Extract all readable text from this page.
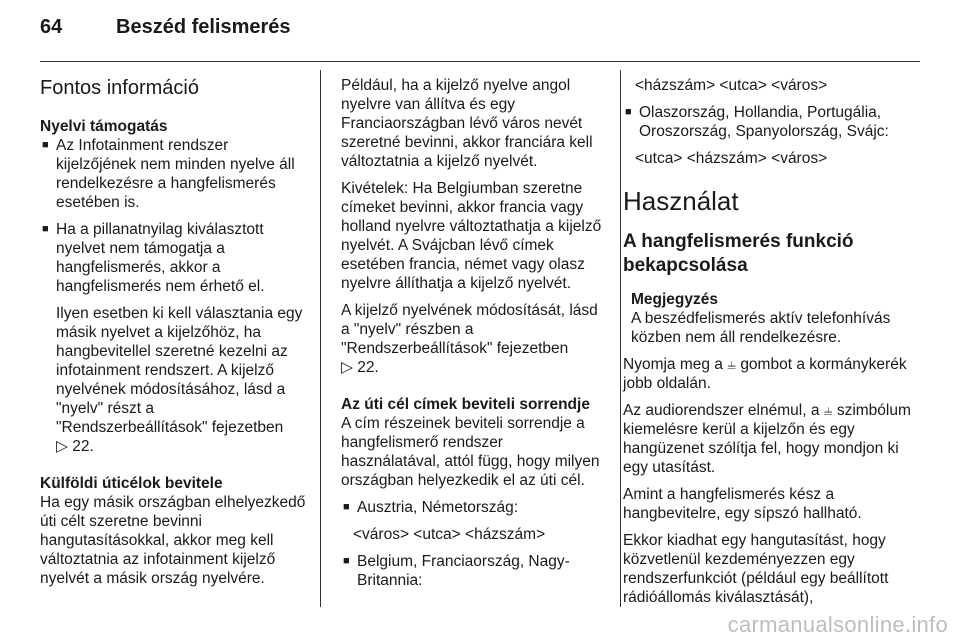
64	Beszéd felismerés
Fontos információ
Nyelvi támogatás
■ Az Infotainment rendszer kijelzőjének nem minden nyelve áll rendelkezésre a hangfelismerés esetében is.
■ Ha a pillanatnyilag kiválasztott nyelvet nem támogatja a hangfelismerés, akkor a hangfelismerés nem érhető el.
Ilyen esetben ki kell választania egy másik nyelvet a kijelzőhöz, ha hangbevitellel szeretné kezelni az infotainment rendszert. A kijelző nyelvének módosításához, lásd a "nyelv" részt a "Rendszerbeállítások" fejezetben
▷ 22.
Külföldi úticélok bevitele

Ha egy másik országban elhelyezkedő úti célt szeretne bevinni hangutasításokkal, akkor meg kell változtatnia az infotainment kijelző nyelvét a másik ország nyelvére.

Például, ha a kijelző nyelve angol nyelvre van állítva és egy Franciaországban lévő város nevét szeretné bevinni, akkor franciára kell változtatnia a kijelző nyelvét.

Kivételek: Ha Belgiumban szeretne címeket bevinni, akkor francia vagy holland nyelvre változtathatja a kijelző nyelvét. A Svájcban lévő címek esetében francia, német vagy olasz nyelvre állíthatja a kijelző nyelvét.

A kijelző nyelvének módosítását, lásd a "nyelv" részben a "Rendszerbeállítások" fejezetben
▷ 22.

Az úti cél címek beviteli sorrendje

A cím részeinek beviteli sorrendje a hangfelismerő rendszer használatával, attól függ, hogy milyen országban helyezkedik el az úti cél.

■ Ausztria, Németország:
<város> <utca> <házszám>
■ Belgium, Franciaország, Nagy-Britannia:
<házszám> <utca> <város>
■ Olaszország, Hollandia, Portugália, Oroszország, Spanyolország, Svájc:
<utca> <házszám> <város>
Használat
A hangfelismerés funkció bekapcsolása
Megjegyzés
A beszédfelismerés aktív telefonhívás közben nem áll rendelkezésre.

Nyomja meg a ⫨ gombot a kormánykerék jobb oldalán.

Az audiorendszer elnémul, a ⫨ szimbólum kiemelésre kerül a kijelzőn és egy hangüzenet szólítja fel, hogy mondjon ki egy utasítást.

Amint a hangfelismerés kész a hangbevitelre, egy sípszó hallható.

Ekkor kiadhat egy hangutasítást, hogy közvetlenül kezdeményezzen egy rendszerfunkciót (például egy beállított rádióállomás kiválasztását),

carmanualsonline.info
